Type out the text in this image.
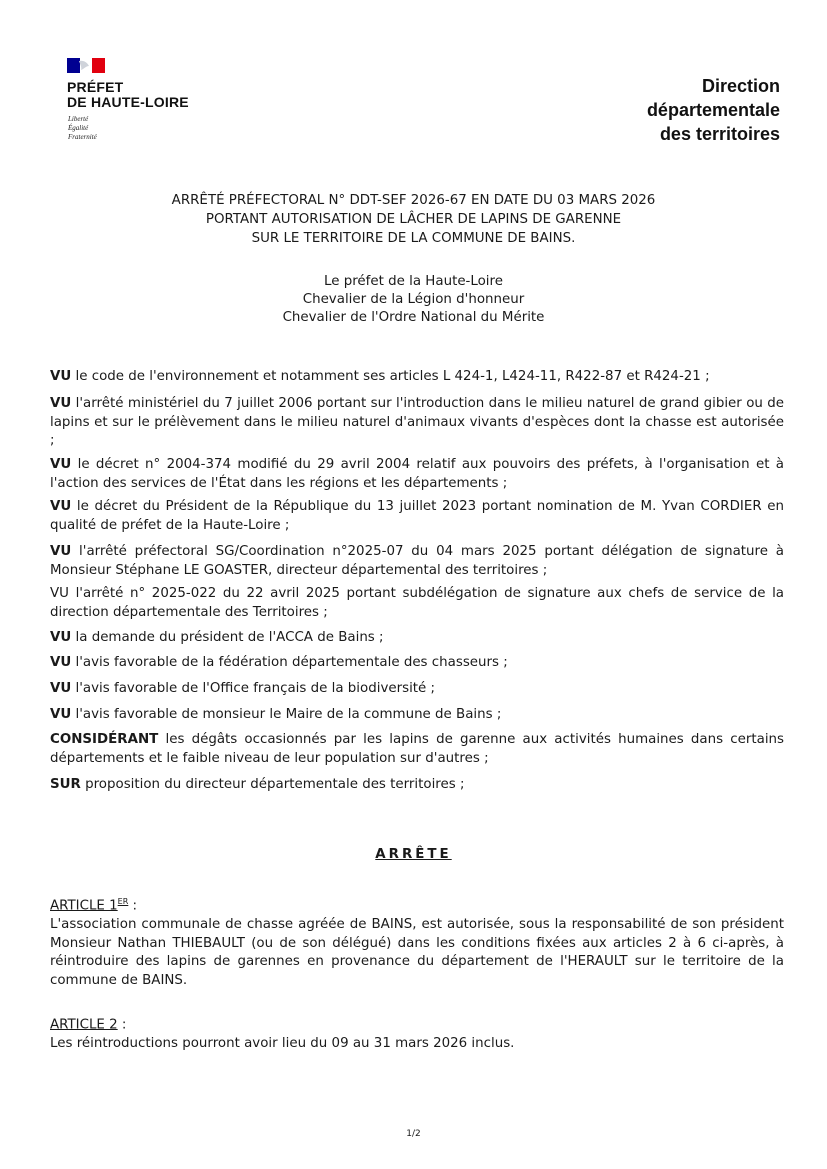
PRÉFET
DE HAUTE-LOIRE
Liberté
Égalité
Fraternité
Direction
départementale
des territoires
ARRÊTÉ PRÉFECTORAL N° DDT-SEF 2026-67 EN DATE DU 03 MARS 2026
PORTANT AUTORISATION DE LÂCHER DE LAPINS DE GARENNE
SUR LE TERRITOIRE DE LA COMMUNE DE BAINS.
Le préfet de la Haute-Loire
Chevalier de la Légion d'honneur
Chevalier de l'Ordre National du Mérite
VU le code de l'environnement et notamment ses articles L 424-1, L424-11, R422-87 et R424-21 ;
VU l'arrêté ministériel du 7 juillet 2006 portant sur l'introduction dans le milieu naturel de grand gibier ou de lapins et sur le prélèvement dans le milieu naturel d'animaux vivants d'espèces dont la chasse est autorisée ;
VU le décret n° 2004-374 modifié du 29 avril 2004 relatif aux pouvoirs des préfets, à l'organisation et à l'action des services de l'État dans les régions et les départements ;
VU le décret du Président de la République du 13 juillet 2023 portant nomination de M. Yvan CORDIER en qualité de préfet de la Haute-Loire ;
VU l'arrêté préfectoral SG/Coordination n°2025-07 du 04 mars 2025 portant délégation de signature à Monsieur Stéphane LE GOASTER, directeur départemental des territoires ;
VU l'arrêté n° 2025-022 du 22 avril 2025 portant subdélégation de signature aux chefs de service de la direction départementale des Territoires ;
VU la demande du président de l'ACCA de Bains ;
VU l'avis favorable de la fédération départementale des chasseurs ;
VU l'avis favorable de l'Office français de la biodiversité ;
VU l'avis favorable de monsieur le Maire de la commune de Bains ;
CONSIDÉRANT les dégâts occasionnés par les lapins de garenne aux activités humaines dans certains départements et le faible niveau de leur population sur d'autres ;
SUR proposition du directeur départementale des territoires ;
ARRÊTE
ARTICLE 1ER :
L'association communale de chasse agréée de BAINS, est autorisée, sous la responsabilité de son président Monsieur Nathan THIEBAULT (ou de son délégué) dans les conditions fixées aux articles 2 à 6 ci-après, à réintroduire des lapins de garennes en provenance du département de l'HERAULT sur le territoire de la commune de BAINS.
ARTICLE 2 :
Les réintroductions pourront avoir lieu du 09 au 31 mars 2026 inclus.
1/2
